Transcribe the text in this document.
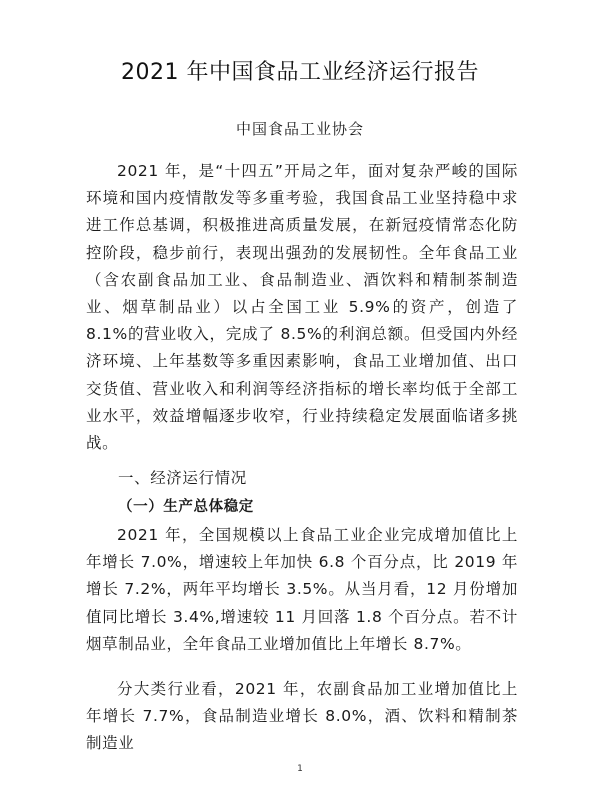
2021 年中国食品工业经济运行报告
中国食品工业协会

2021 年，是“十四五”开局之年，面对复杂严峻的国际环境和国内疫情散发等多重考验，我国食品工业坚持稳中求进工作总基调，积极推进高质量发展，在新冠疫情常态化防控阶段，稳步前行，表现出强劲的发展韧性。全年食品工业（含农副食品加工业、食品制造业、酒饮料和精制茶制造业、烟草制品业）以占全国工业 5.9%的资产，创造了 8.1%的营业收入，完成了 8.5%的利润总额。但受国内外经济环境、上年基数等多重因素影响，食品工业增加值、出口交货值、营业收入和利润等经济指标的增长率均低于全部工业水平，效益增幅逐步收窄，行业持续稳定发展面临诸多挑战。

一、经济运行情况
（一）生产总体稳定

2021 年，全国规模以上食品工业企业完成增加值比上年增长 7.0%，增速较上年加快 6.8 个百分点，比 2019 年增长 7.2%，两年平均增长 3.5%。从当月看，12 月份增加值同比增长 3.4%,增速较 11 月回落 1.8 个百分点。若不计烟草制品业，全年食品工业增加值比上年增长 8.7%。

分大类行业看，2021 年，农副食品加工业增加值比上年增长 7.7%，食品制造业增长 8.0%，酒、饮料和精制茶制造业

1
